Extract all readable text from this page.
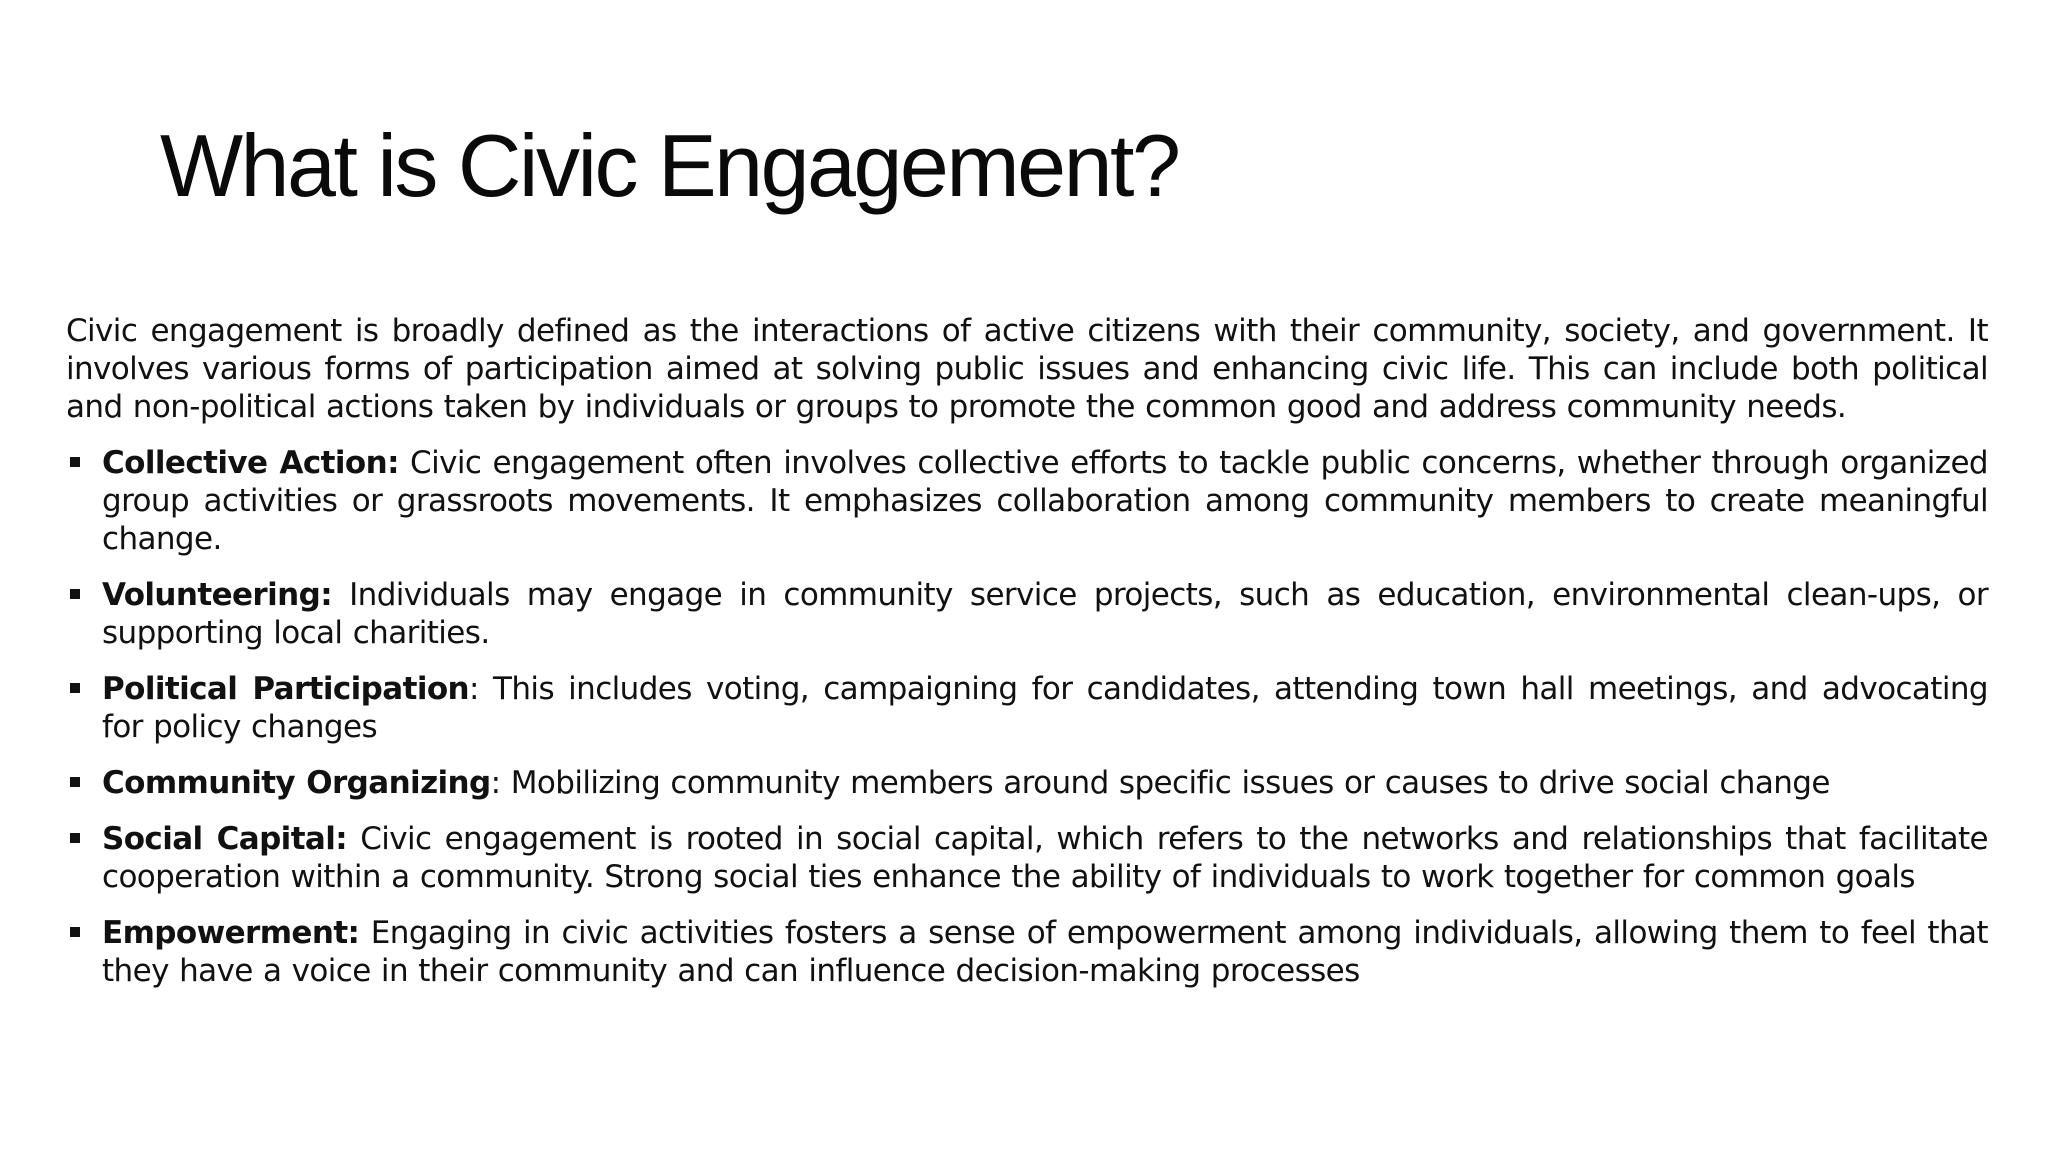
What is Civic Engagement?

Civic engagement is broadly defined as the interactions of active citizens with their community, society, and government. It involves various forms of participation aimed at solving public issues and enhancing civic life. This can include both political and non-political actions taken by individuals or groups to promote the common good and address community needs.

Collective Action: Civic engagement often involves collective efforts to tackle public concerns, whether through organized group activities or grassroots movements. It emphasizes collaboration among community members to create meaningful change.
Volunteering: Individuals may engage in community service projects, such as education, environmental clean-ups, or supporting local charities.
Political Participation: This includes voting, campaigning for candidates, attending town hall meetings, and advocating for policy changes
Community Organizing: Mobilizing community members around specific issues or causes to drive social change
Social Capital: Civic engagement is rooted in social capital, which refers to the networks and relationships that facilitate cooperation within a community. Strong social ties enhance the ability of individuals to work together for common goals
Empowerment: Engaging in civic activities fosters a sense of empowerment among individuals, allowing them to feel that they have a voice in their community and can influence decision-making processes
